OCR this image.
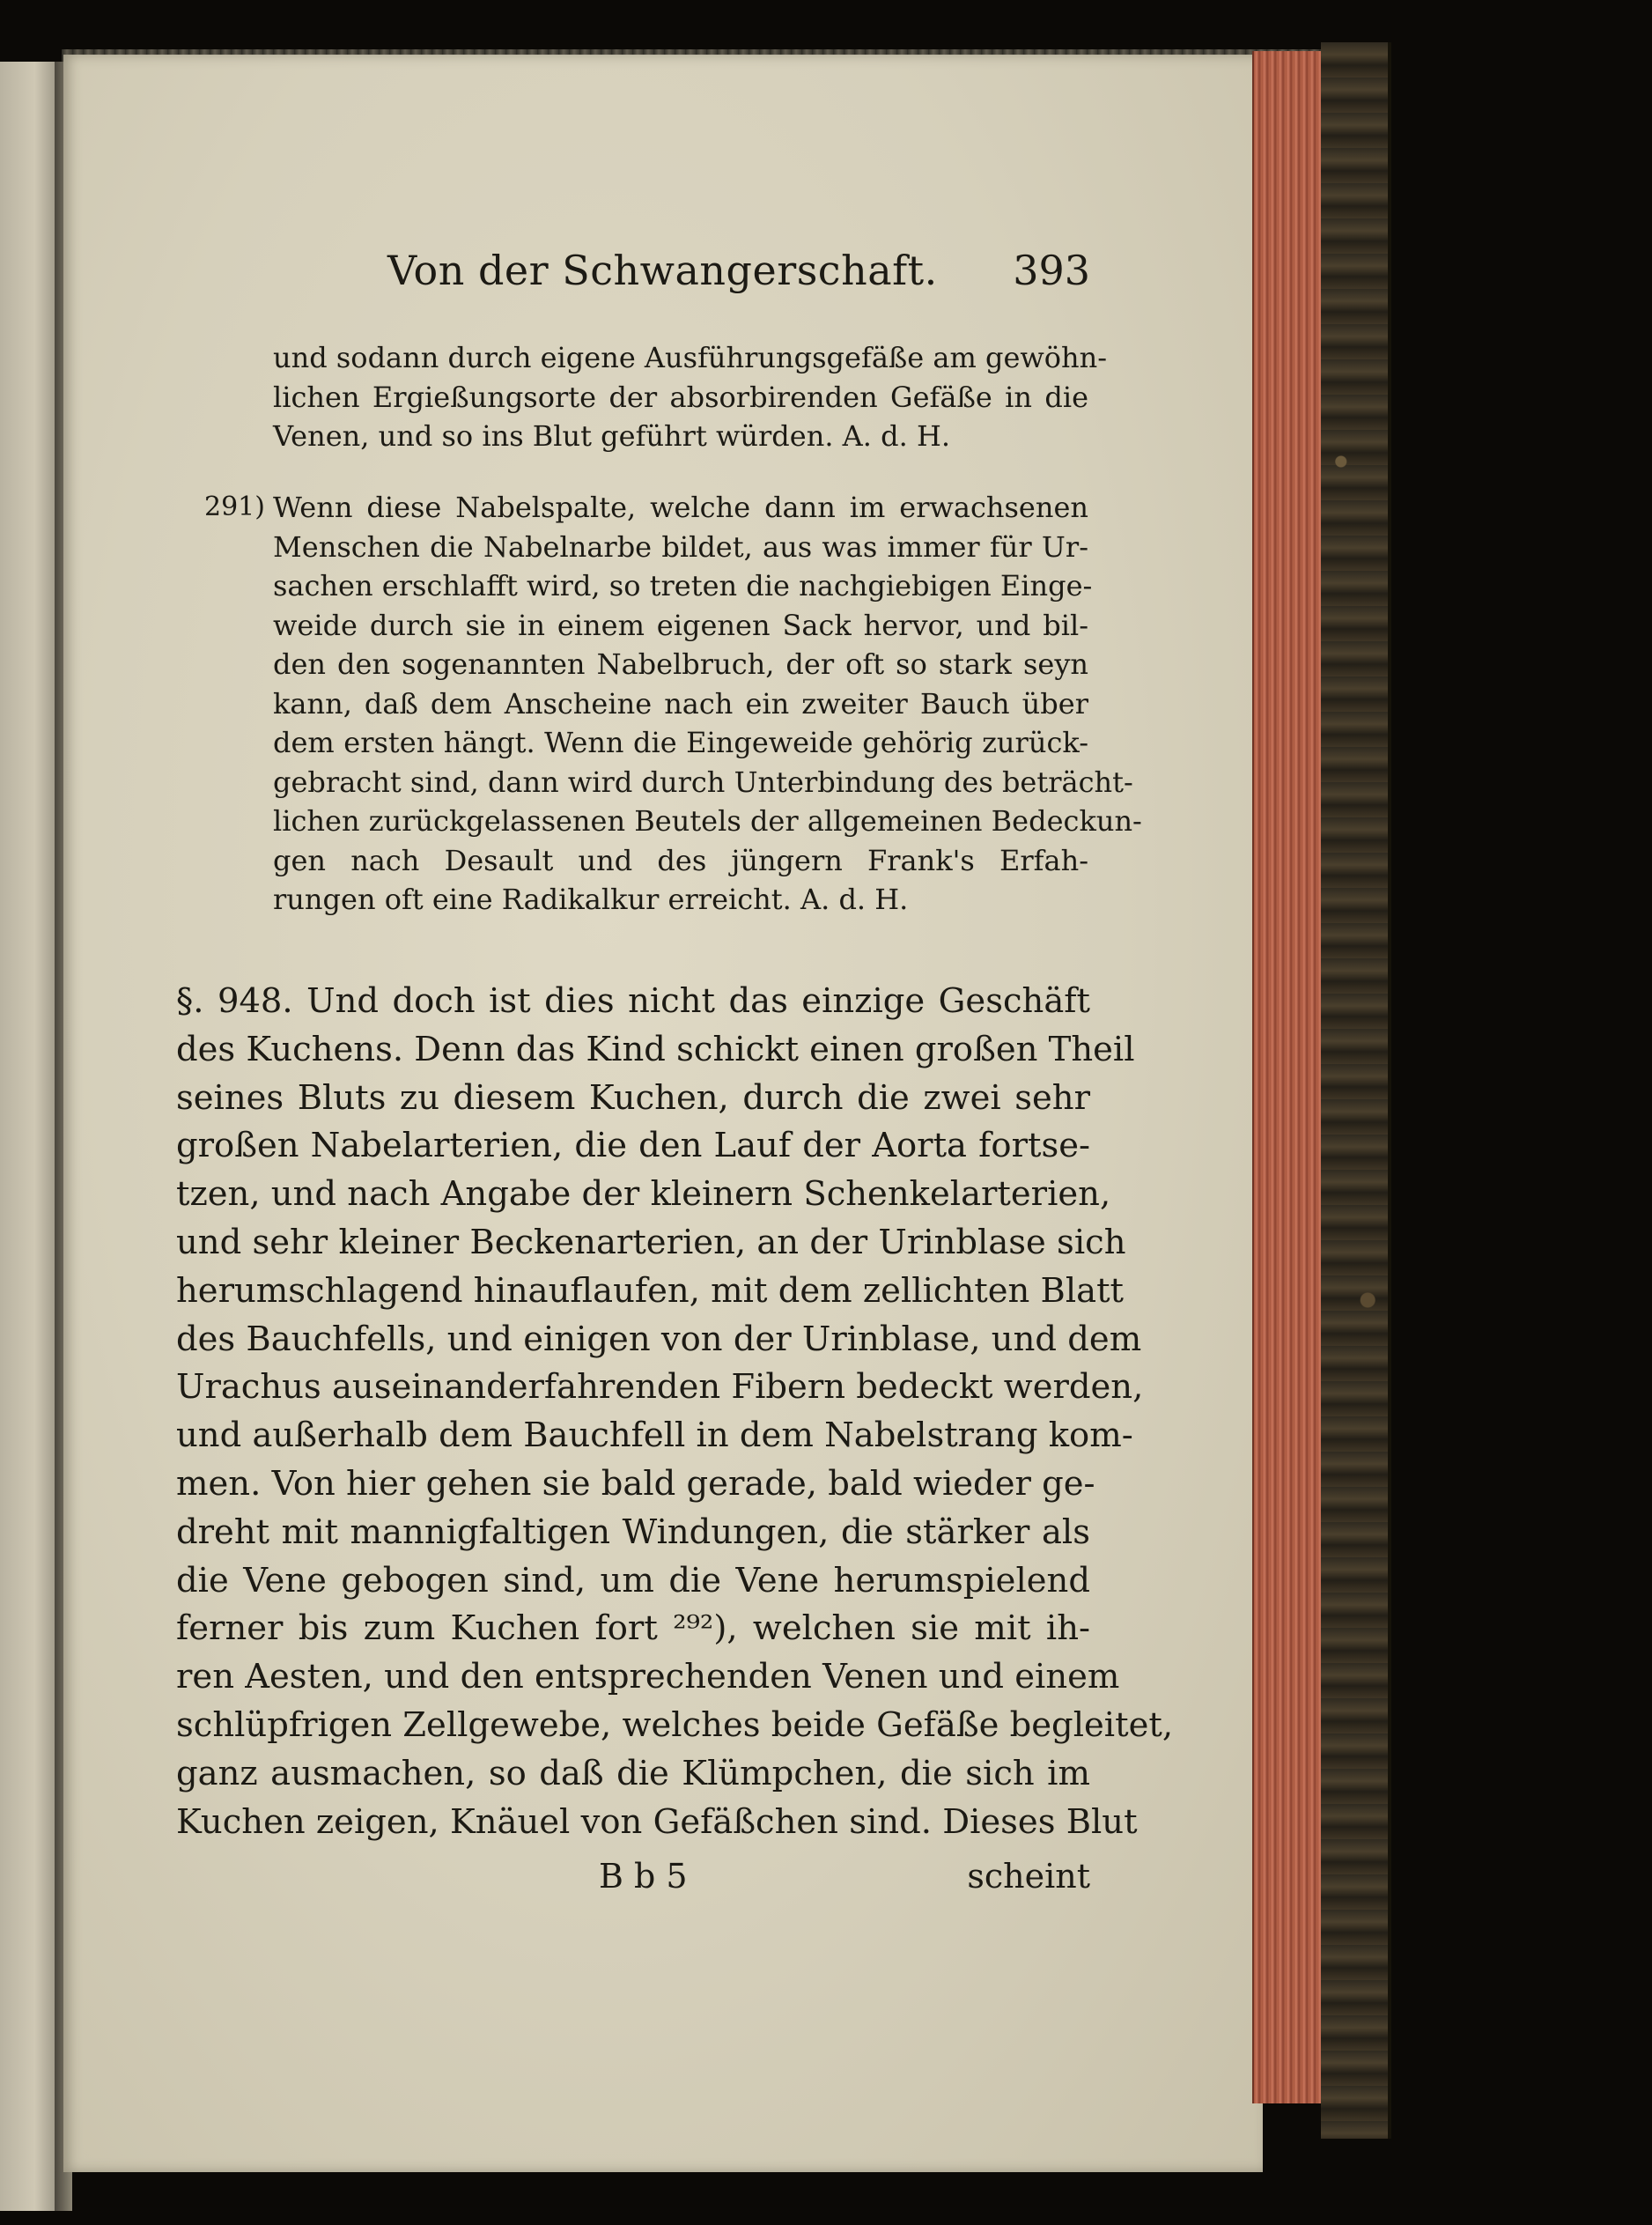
Von der Schwangerschaft. 393
und sodann durch eigene Ausführungsgefäße am gewöhn-
lichen Ergießungsorte der absorbirenden Gefäße in die
Venen, und so ins Blut geführt würden. A. d. H.
291) Wenn diese Nabelspalte, welche dann im erwachsenen
Menschen die Nabelnarbe bildet, aus was immer für Ur-
sachen erschlafft wird, so treten die nachgiebigen Einge-
weide durch sie in einem eigenen Sack hervor, und bil-
den den sogenannten Nabelbruch, der oft so stark seyn
kann, daß dem Anscheine nach ein zweiter Bauch über
dem ersten hängt. Wenn die Eingeweide gehörig zurück-
gebracht sind, dann wird durch Unterbindung des beträcht-
lichen zurückgelassenen Beutels der allgemeinen Bedeckun-
gen nach Desault und des jüngern Frank's Erfah-
rungen oft eine Radikalkur erreicht. A. d. H.
§. 948. Und doch ist dies nicht das einzige Geschäft
des Kuchens. Denn das Kind schickt einen großen Theil
seines Bluts zu diesem Kuchen, durch die zwei sehr
großen Nabelarterien, die den Lauf der Aorta fortse-
tzen, und nach Angabe der kleinern Schenkelarterien,
und sehr kleiner Beckenarterien, an der Urinblase sich
herumschlagend hinauflaufen, mit dem zellichten Blatt
des Bauchfells, und einigen von der Urinblase, und dem
Urachus auseinanderfahrenden Fibern bedeckt werden,
und außerhalb dem Bauchfell in dem Nabelstrang kom-
men. Von hier gehen sie bald gerade, bald wieder ge-
dreht mit mannigfaltigen Windungen, die stärker als
die Vene gebogen sind, um die Vene herumspielend
ferner bis zum Kuchen fort ²⁹²), welchen sie mit ih-
ren Aesten, und den entsprechenden Venen und einem
schlüpfrigen Zellgewebe, welches beide Gefäße begleitet,
ganz ausmachen, so daß die Klümpchen, die sich im
Kuchen zeigen, Knäuel von Gefäßchen sind. Dieses Blut
B b 5	scheint
